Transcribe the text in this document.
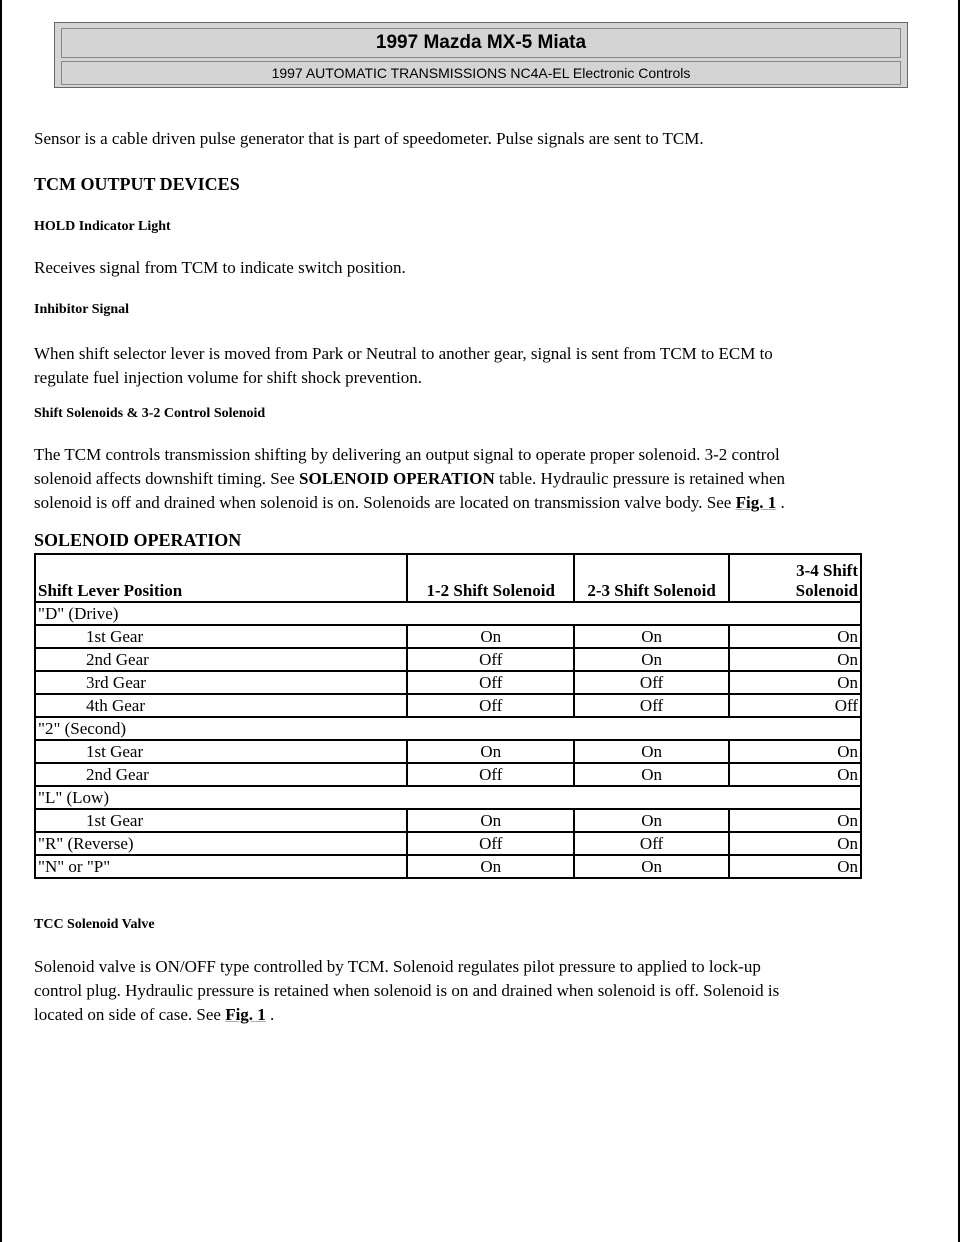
1997 Mazda MX-5 Miata
1997 AUTOMATIC TRANSMISSIONS NC4A-EL Electronic Controls

Sensor is a cable driven pulse generator that is part of speedometer. Pulse signals are sent to TCM.

TCM OUTPUT DEVICES
HOLD Indicator Light

Receives signal from TCM to indicate switch position.

Inhibitor Signal

When shift selector lever is moved from Park or Neutral to another gear, signal is sent from TCM to ECM to
regulate fuel injection volume for shift shock prevention.

Shift Solenoids & 3-2 Control Solenoid

The TCM controls transmission shifting by delivering an output signal to operate proper solenoid. 3-2 control
solenoid affects downshift timing. See SOLENOID OPERATION table. Hydraulic pressure is retained when
solenoid is off and drained when solenoid is on. Solenoids are located on transmission valve body. See Fig. 1 .

SOLENOID OPERATION
Shift Lever Position	1-2 Shift Solenoid	2-3 Shift Solenoid	3-4 Shift
Solenoid
"D" (Drive)			
1st Gear	On	On	On
2nd Gear	Off	On	On
3rd Gear	Off	Off	On
4th Gear	Off	Off	Off
"2" (Second)			
1st Gear	On	On	On
2nd Gear	Off	On	On
"L" (Low)			
1st Gear	On	On	On
"R" (Reverse)	Off	Off	On
"N" or "P"	On	On	On
TCC Solenoid Valve

Solenoid valve is ON/OFF type controlled by TCM. Solenoid regulates pilot pressure to applied to lock-up
control plug. Hydraulic pressure is retained when solenoid is on and drained when solenoid is off. Solenoid is
located on side of case. See Fig. 1 .
